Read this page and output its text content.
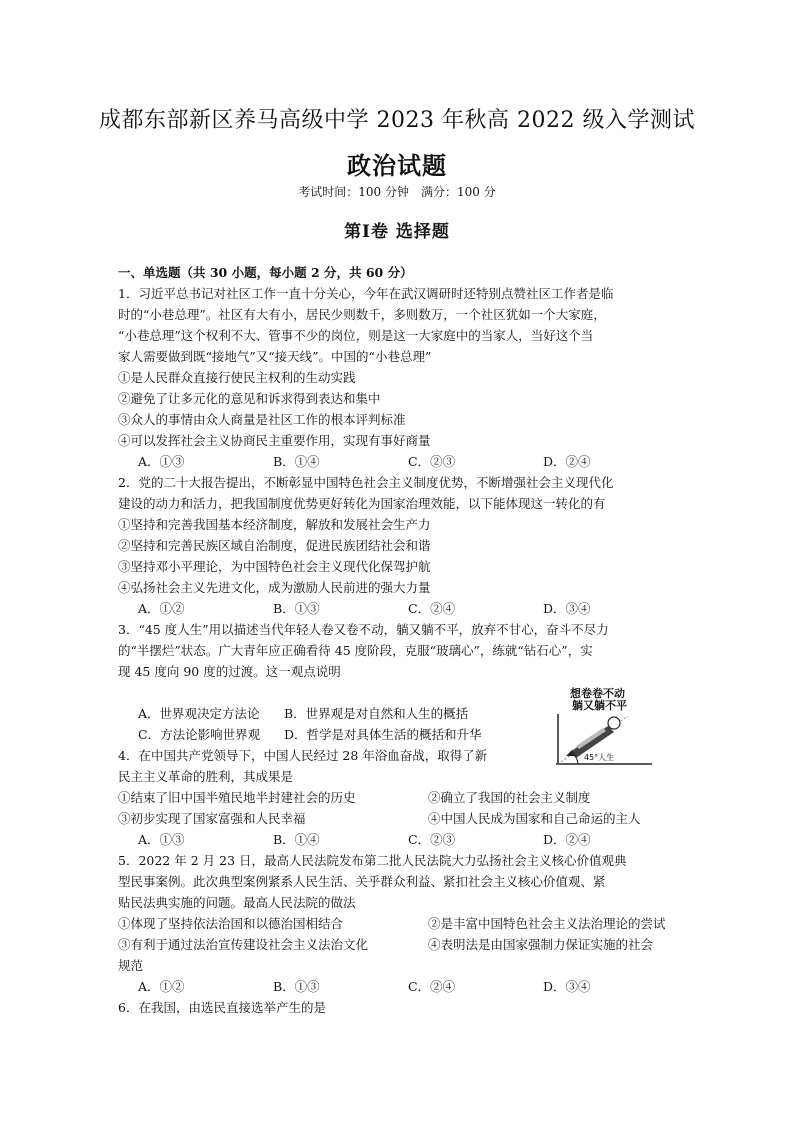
成都东部新区养马高级中学 2023 年秋高 2022 级入学测试
政治试题
考试时间：100 分钟　满分：100 分
第Ⅰ卷 选择题
一、单选题（共 30 小题，每小题 2 分，共 60 分）
1．习近平总书记对社区工作一直十分关心，今年在武汉调研时还特别点赞社区工作者是临
时的“小巷总理”。社区有大有小，居民少则数千，多则数万，一个社区犹如一个大家庭，
“小巷总理”这个权利不大、管事不少的岗位，则是这一大家庭中的当家人，当好这个当
家人需要做到既“接地气”又“接天线”。中国的“小巷总理”
①是人民群众直接行使民主权利的生动实践
②避免了让多元化的意见和诉求得到表达和集中
③众人的事情由众人商量是社区工作的根本评判标准
④可以发挥社会主义协商民主重要作用，实现有事好商量
A．①③	B．①④	C．②③	D．②④
2．党的二十大报告提出，不断彰显中国特色社会主义制度优势，不断增强社会主义现代化
建设的动力和活力，把我国制度优势更好转化为国家治理效能，以下能体现这一转化的有
①坚持和完善我国基本经济制度，解放和发展社会生产力
②坚持和完善民族区域自治制度，促进民族团结社会和谐
③坚持邓小平理论，为中国特色社会主义现代化保驾护航
④弘扬社会主义先进文化，成为激励人民前进的强大力量
A．①②	B．①③	C．②④	D．③④
3．“45 度人生”用以描述当代年轻人卷又卷不动，躺又躺不平，放弃不甘心，奋斗不尽力
的“半摆烂”状态。广大青年应正确看待 45 度阶段，克服“玻璃心”，练就“钻石心”，实
现 45 度向 90 度的过渡。这一观点说明
A．世界观决定方法论	B．世界观是对自然和人生的概括
C．方法论影响世界观	D．哲学是对具体生活的概括和升华
4．在中国共产党领导下，中国人民经过 28 年浴血奋战，取得了新
民主主义革命的胜利，其成果是
①结束了旧中国半殖民地半封建社会的历史	②确立了我国的社会主义制度
③初步实现了国家富强和人民幸福	④中国人民成为国家和自己命运的主人
A．①③	B．①④	C．②③	D．②④
5．2022 年 2 月 23 日，最高人民法院发布第二批人民法院大力弘扬社会主义核心价值观典
型民事案例。此次典型案例紧系人民生活、关乎群众利益、紧扣社会主义核心价值观、紧
贴民法典实施的问题。最高人民法院的做法
①体现了坚持依法治国和以德治国相结合	②是丰富中国特色社会主义法治理论的尝试
③有利于通过法治宣传建设社会主义法治文化	④表明法是由国家强制力保证实施的社会
规范
A．①②	B．①③	C．②④	D．③④
6．在我国，由选民直接选举产生的是
想卷卷不动
躺又躺不平
45°人生
